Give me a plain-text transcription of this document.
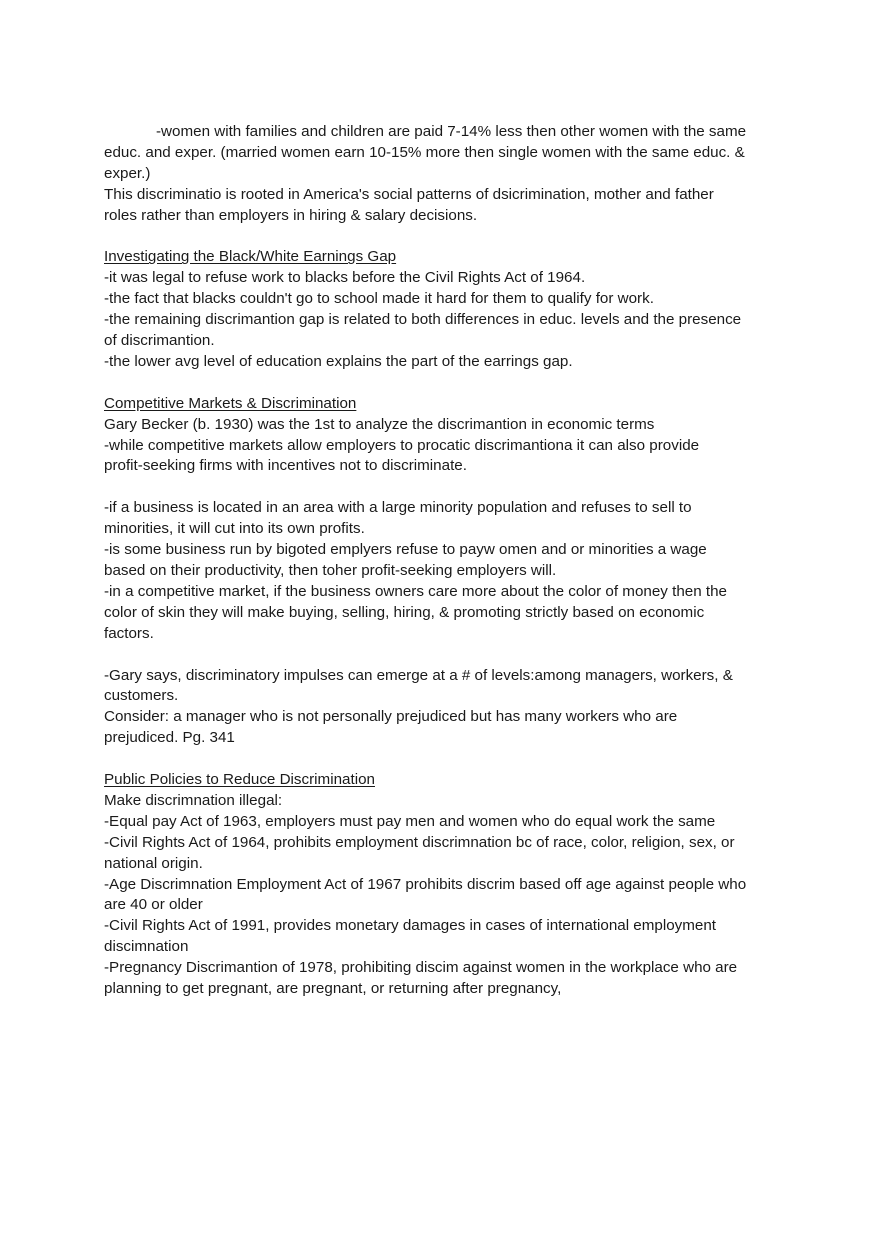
-women with families and children are paid 7-14% less then other women with the same
educ. and exper. (married women earn 10-15% more then single women with the same educ. &
exper.)
This discriminatio is rooted in America's social patterns of dsicrimination, mother and father
roles rather than employers in hiring & salary decisions.
Investigating the Black/White Earnings Gap
-it was legal to refuse work to blacks before the Civil Rights Act of 1964.
-the fact that blacks couldn't go to school made it hard for them to qualify for work.
-the remaining discrimantion gap is related to both differences in educ. levels and the presence
of discrimantion.
-the lower avg level of education explains the part of the earrings gap.
Competitive Markets & Discrimination
Gary Becker (b. 1930) was the 1st to analyze the discrimantion in economic terms
-while competitive markets allow employers to procatic discrimantiona it can also provide
profit-seeking firms with incentives not to discriminate.
-if a business is located in an area with a large minority population and refuses to sell to
minorities, it will cut into its own profits.
-is some business run by bigoted emplyers refuse to payw omen and or minorities a wage
based on their productivity, then toher profit-seeking employers will.
-in a competitive market, if the business owners care more about the color of money then the
color of skin they will make buying, selling, hiring, & promoting strictly based on economic
factors.
-Gary says, discriminatory impulses can emerge at a # of levels:among managers, workers, &
customers.
Consider: a manager who is not personally prejudiced but has many workers who are
prejudiced. Pg. 341
Public Policies to Reduce Discrimination
Make discrimnation illegal:
-Equal pay Act of 1963, employers must pay men and women who do equal work the same
-Civil Rights Act of 1964, prohibits employment discrimnation bc of race, color, religion, sex, or
national origin.
-Age Discrimnation Employment Act of 1967 prohibits discrim based off age against people who
are 40 or older
-Civil Rights Act of 1991, provides monetary damages in cases of international employment
discimnation
-Pregnancy Discrimantion of 1978, prohibiting discim against women in the workplace who are
planning to get pregnant, are pregnant, or returning after pregnancy,
